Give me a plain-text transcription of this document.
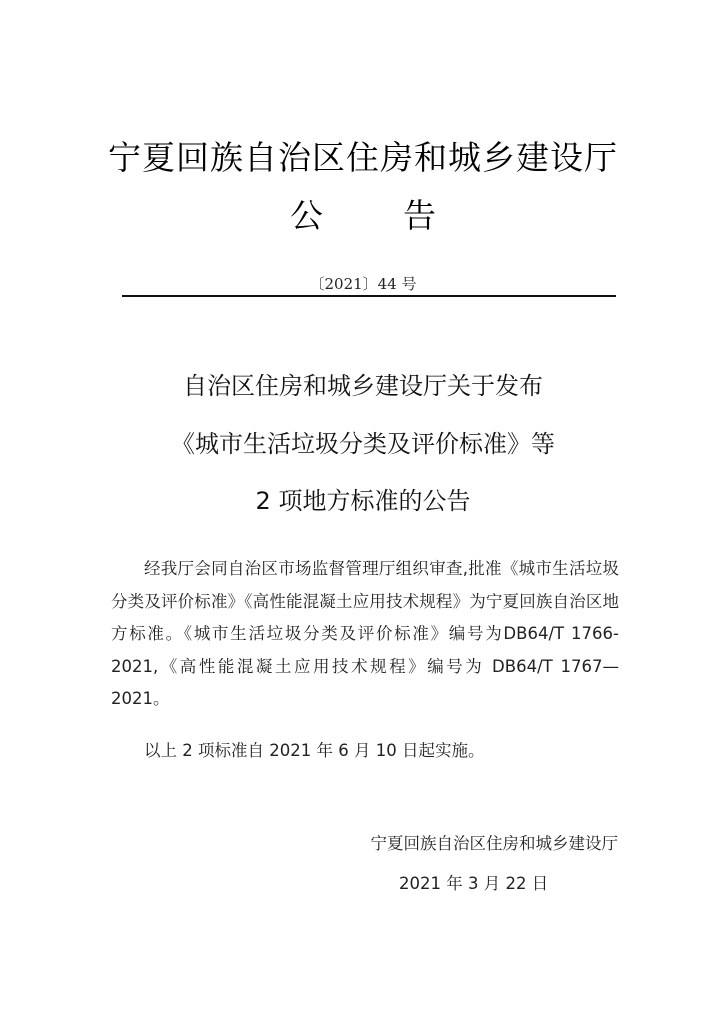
宁夏回族自治区住房和城乡建设厅
公 告
〔2021〕44 号
自治区住房和城乡建设厅关于发布
《城市生活垃圾分类及评价标准》等
2 项地方标准的公告
经我厅会同自治区市场监督管理厅组织审查,批准《城市生活垃圾分类及评价标准》《高性能混凝土应用技术规程》为宁夏回族自治区地方标准。《城市生活垃圾分类及评价标准》编号为DB64/T 1766-2021,《高性能混凝土应用技术规程》编号为 DB64/T 1767—2021。
以上 2 项标准自 2021 年 6 月 10 日起实施。
宁夏回族自治区住房和城乡建设厅
2021 年 3 月 22 日
